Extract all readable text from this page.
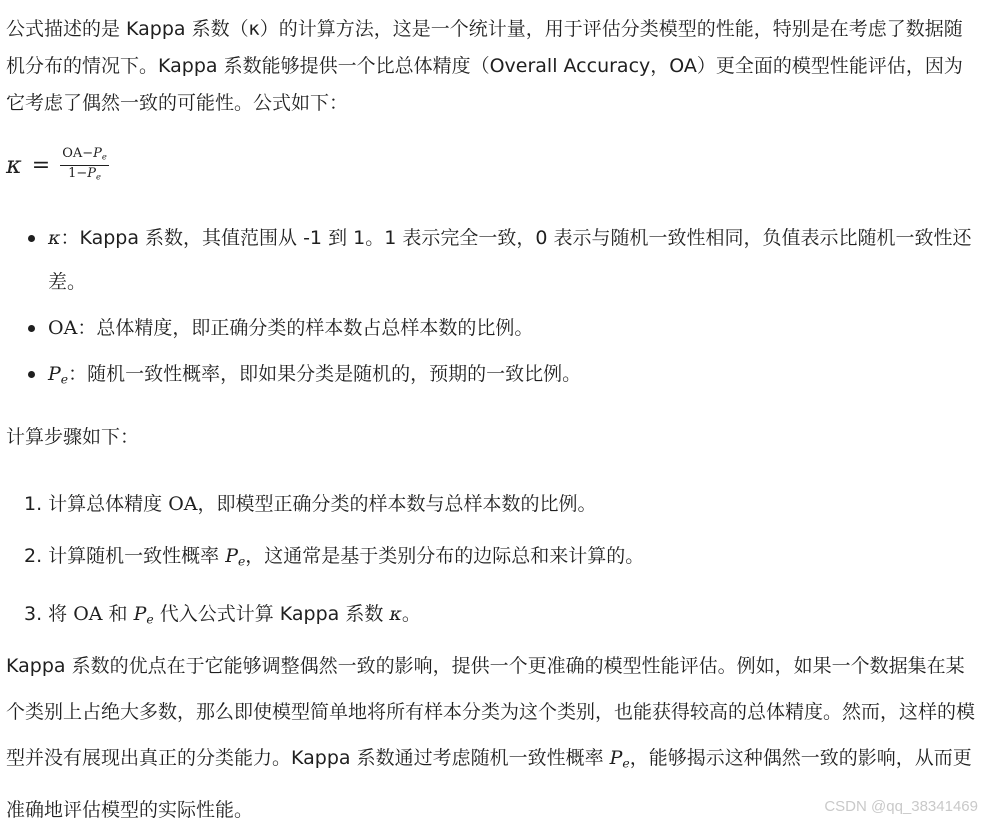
公式描述的是 Kappa 系数（κ）的计算方法，这是一个统计量，用于评估分类模型的性能，特别是在考虑了数据随机分布的情况下。Kappa 系数能够提供一个比总体精度（Overall Accuracy，OA）更全面的模型性能评估，因为它考虑了偶然一致的可能性。公式如下：

$\kappa = \frac{OA-P_e}{1-P_e}$
κ：Kappa 系数，其值范围从 -1 到 1。1 表示完全一致，0 表示与随机一致性相同，负值表示比随机一致性还差。
OA：总体精度，即正确分类的样本数占总样本数的比例。
$P_e$：随机一致性概率，即如果分类是随机的，预期的一致比例。

计算步骤如下：

1. 计算总体精度 OA，即模型正确分类的样本数与总样本数的比例。
2. 计算随机一致性概率 $P_e$，这通常是基于类别分布的边际总和来计算的。
3. 将 OA 和 $P_e$ 代入公式计算 Kappa 系数 κ。

Kappa 系数的优点在于它能够调整偶然一致的影响，提供一个更准确的模型性能评估。例如，如果一个数据集在某个类别上占绝大多数，那么即使模型简单地将所有样本分类为这个类别，也能获得较高的总体精度。然而，这样的模型并没有展现出真正的分类能力。Kappa 系数通过考虑随机一致性概率 $P_e$，能够揭示这种偶然一致的影响，从而更准确地评估模型的实际性能。	CSDN @qq_38341469
